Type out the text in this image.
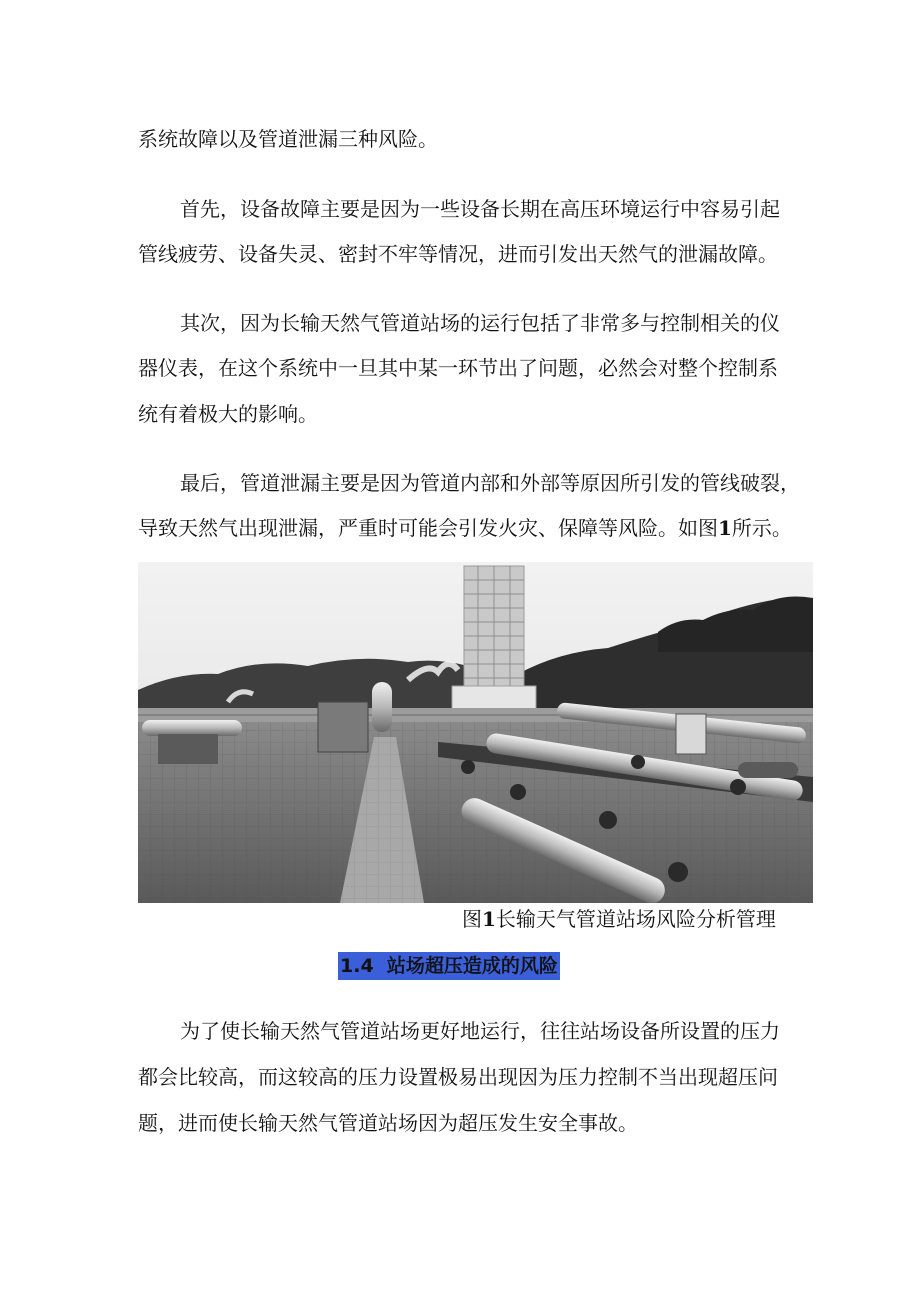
系统故障以及管道泄漏三种风险。

首先，设备故障主要是因为一些设备长期在高压环境运行中容易引起

管线疲劳、设备失灵、密封不牢等情况，进而引发出天然气的泄漏故障。

其次，因为长输天然气管道站场的运行包括了非常多与控制相关的仪

器仪表，在这个系统中一旦其中某一环节出了问题，必然会对整个控制系

统有着极大的影响。

最后，管道泄漏主要是因为管道内部和外部等原因所引发的管线破裂，

导致天然气出现泄漏，严重时可能会引发火灾、保障等风险。如图1所示。

图1长输天气管道站场风险分析管理
1.4 站场超压造成的风险

为了使长输天然气管道站场更好地运行，往往站场设备所设置的压力

都会比较高，而这较高的压力设置极易出现因为压力控制不当出现超压问

题，进而使长输天然气管道站场因为超压发生安全事故。
